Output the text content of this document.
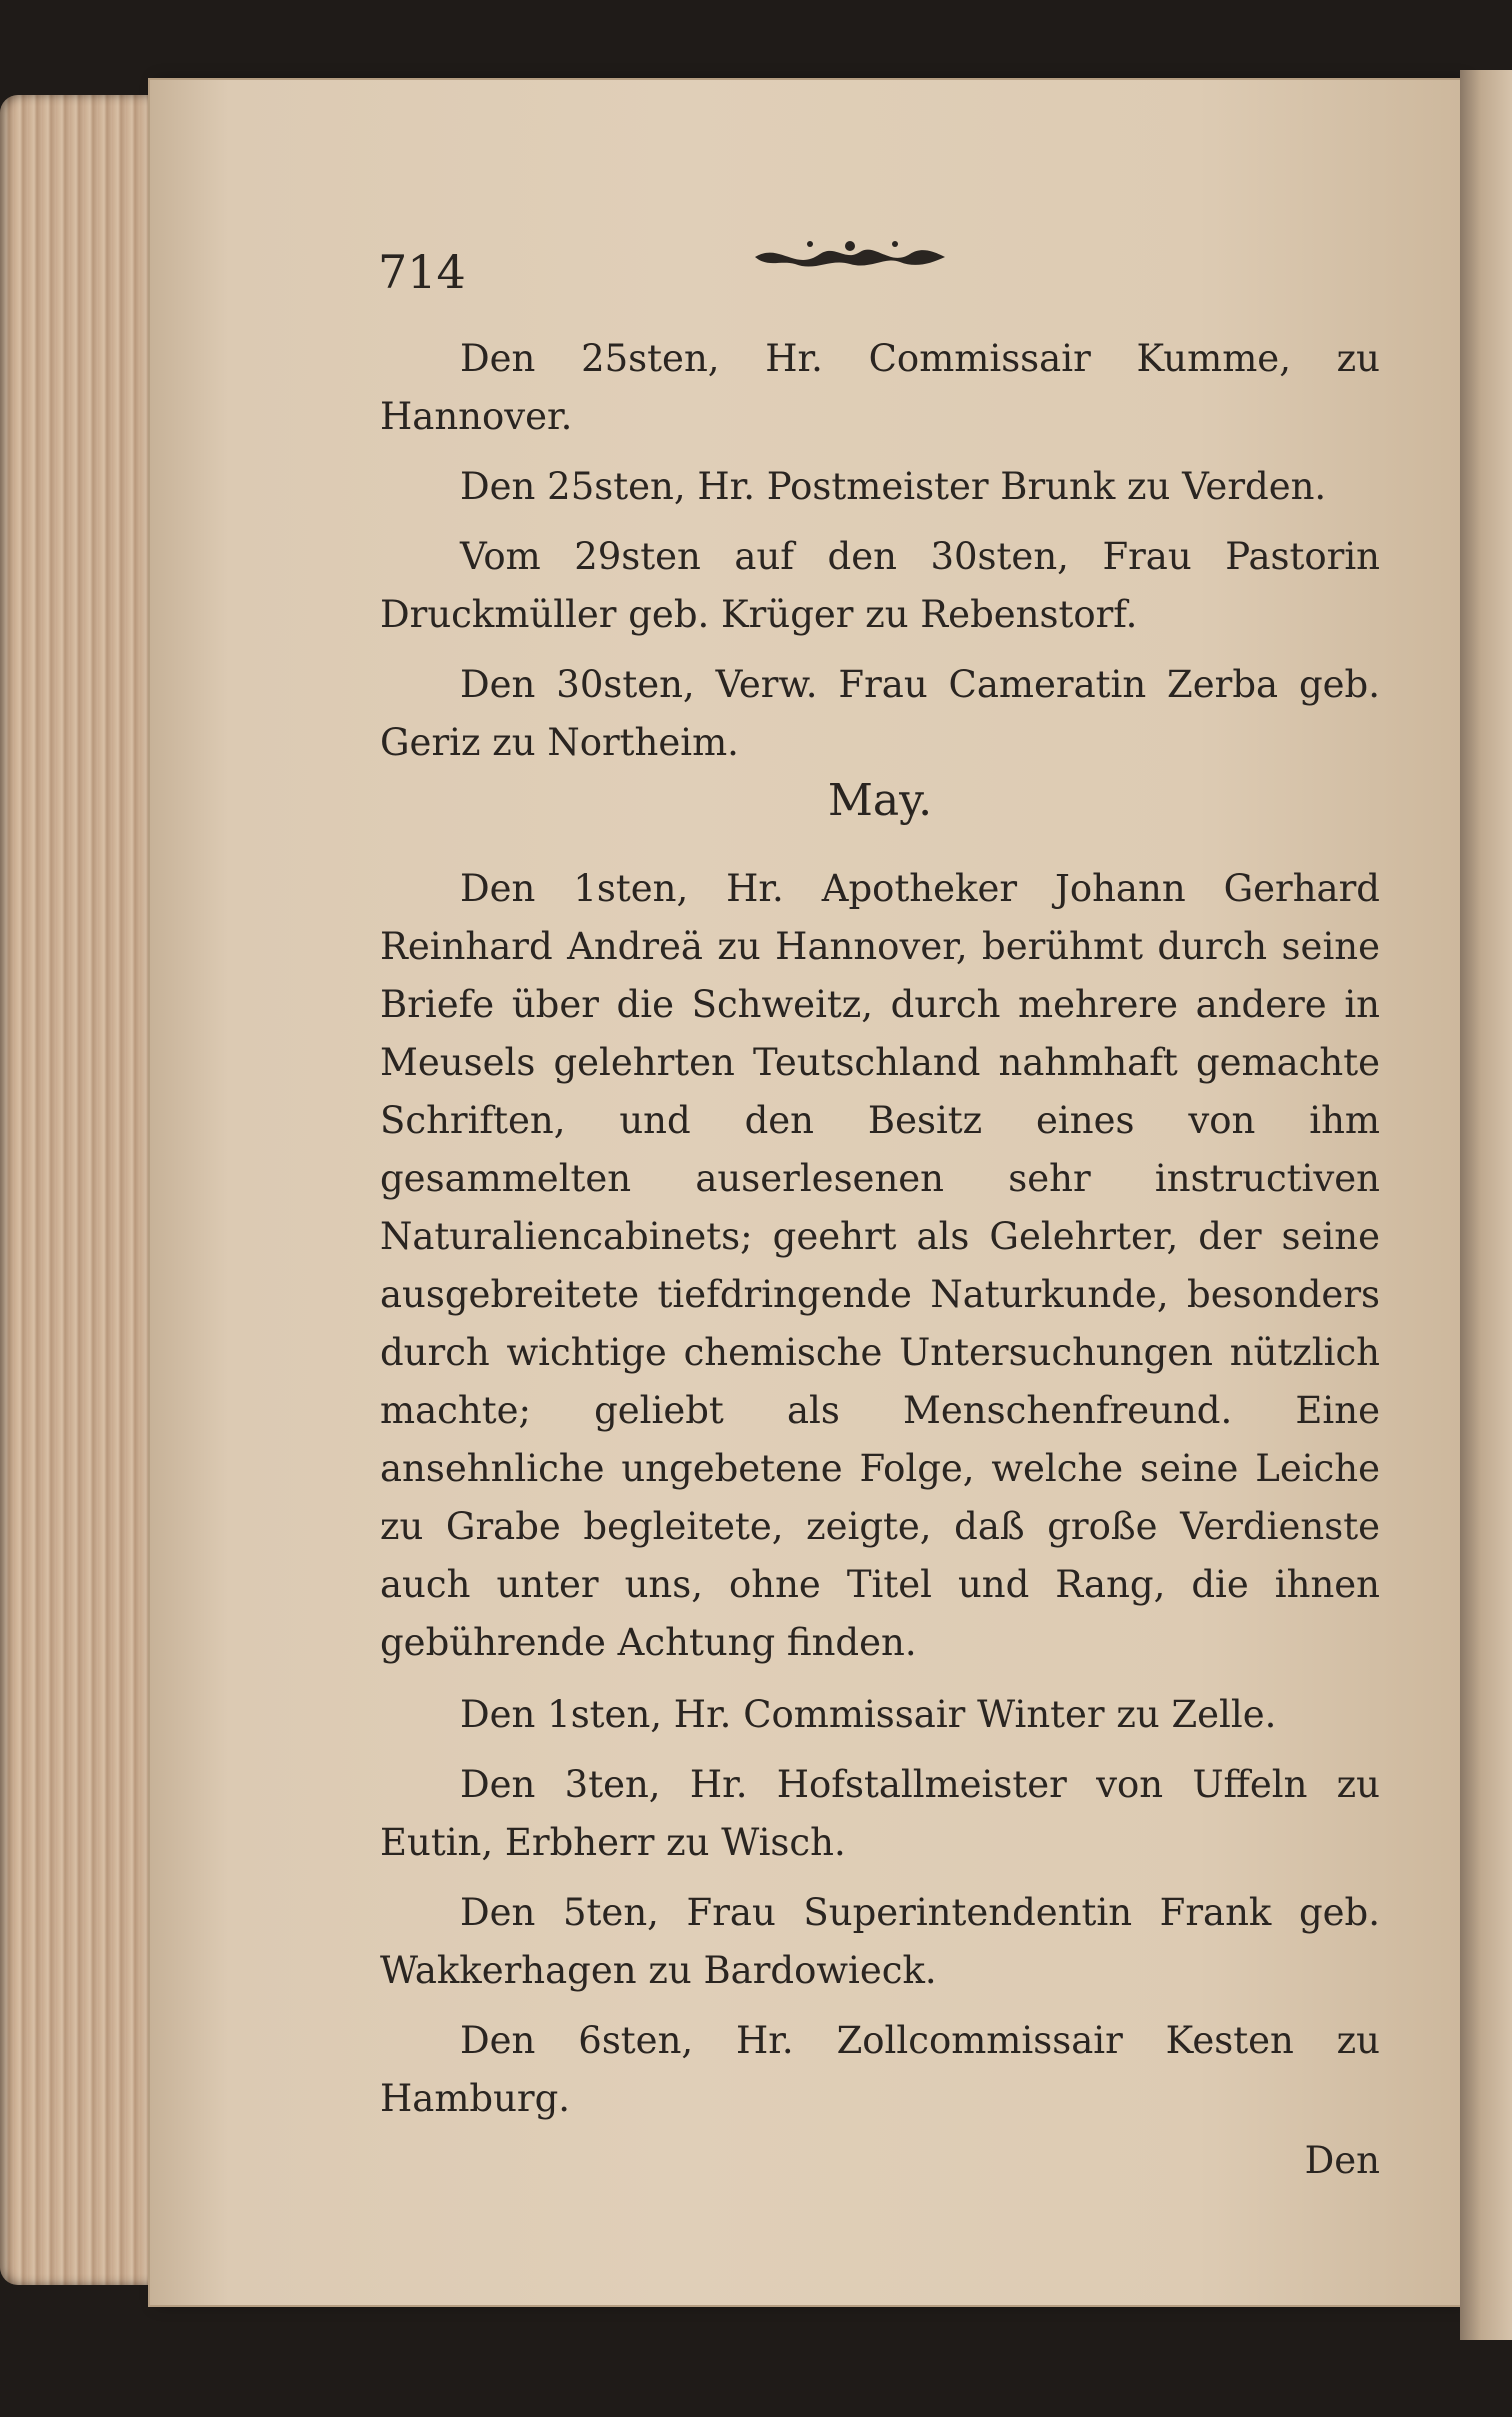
714

Den 25sten, Hr. Commissair Kumme, zu Hannover.

Den 25sten, Hr. Postmeister Brunk zu Verden.

Vom 29sten auf den 30sten, Frau Pastorin Druckmüller geb. Krüger zu Rebenstorf.

Den 30sten, Verw. Frau Cameratin Zerba geb. Geriz zu Northeim.

May.

Den 1sten, Hr. Apotheker Johann Gerhard Reinhard Andreä zu Hannover, berühmt durch seine Briefe über die Schweitz, durch mehrere andere in Meusels gelehrten Teutschland nahmhaft gemachte Schriften, und den Besitz eines von ihm gesammelten auserlesenen sehr instructiven Naturaliencabinets; geehrt als Gelehrter, der seine ausgebreitete tiefdringende Naturkunde, besonders durch wichtige chemische Untersuchungen nützlich machte; geliebt als Menschenfreund. Eine ansehnliche ungebetene Folge, welche seine Leiche zu Grabe begleitete, zeigte, daß große Verdienste auch unter uns, ohne Titel und Rang, die ihnen gebührende Achtung finden.

Den 1sten, Hr. Commissair Winter zu Zelle.

Den 3ten, Hr. Hofstallmeister von Uffeln zu Eutin, Erbherr zu Wisch.

Den 5ten, Frau Superintendentin Frank geb. Wakkerhagen zu Bardowieck.

Den 6sten, Hr. Zollcommissair Kesten zu Hamburg.

Den
